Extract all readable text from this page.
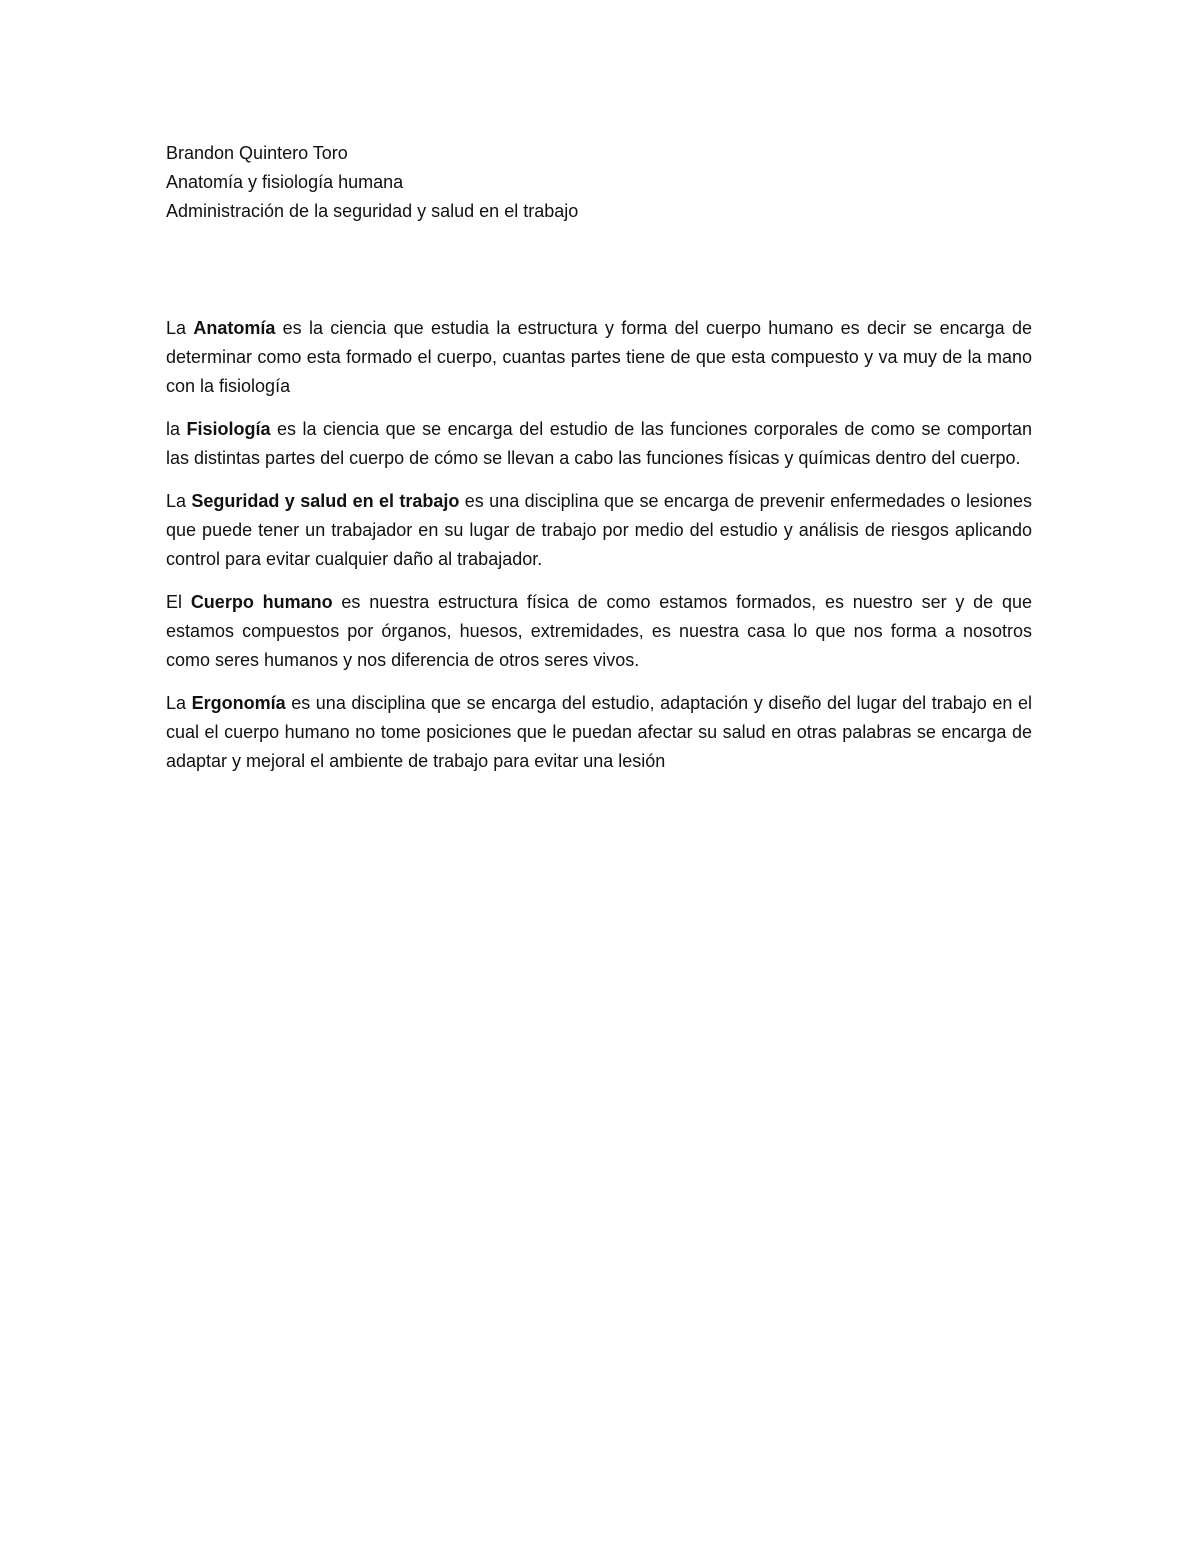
Brandon Quintero Toro

Anatomía y fisiología humana

Administración de la seguridad y salud en el trabajo

La Anatomía es la ciencia que estudia la estructura y forma del cuerpo humano es decir se encarga de determinar como esta formado el cuerpo, cuantas partes tiene de que esta compuesto y va muy de la mano con la fisiología

la Fisiología es la ciencia que se encarga del estudio de las funciones corporales de como se comportan las distintas partes del cuerpo de cómo se llevan a cabo las funciones físicas y químicas dentro del cuerpo.

La Seguridad y salud en el trabajo es una disciplina que se encarga de prevenir enfermedades o lesiones que puede tener un trabajador en su lugar de trabajo por medio del estudio y análisis de riesgos aplicando control para evitar cualquier daño al trabajador.

El Cuerpo humano es nuestra estructura física de como estamos formados, es nuestro ser y de que estamos compuestos por órganos, huesos, extremidades, es nuestra casa lo que nos forma a nosotros como seres humanos y nos diferencia de otros seres vivos.

La Ergonomía es una disciplina que se encarga del estudio, adaptación y diseño del lugar del trabajo en el cual el cuerpo humano no tome posiciones que le puedan afectar su salud en otras palabras se encarga de adaptar y mejoral el ambiente de trabajo para evitar una lesión
